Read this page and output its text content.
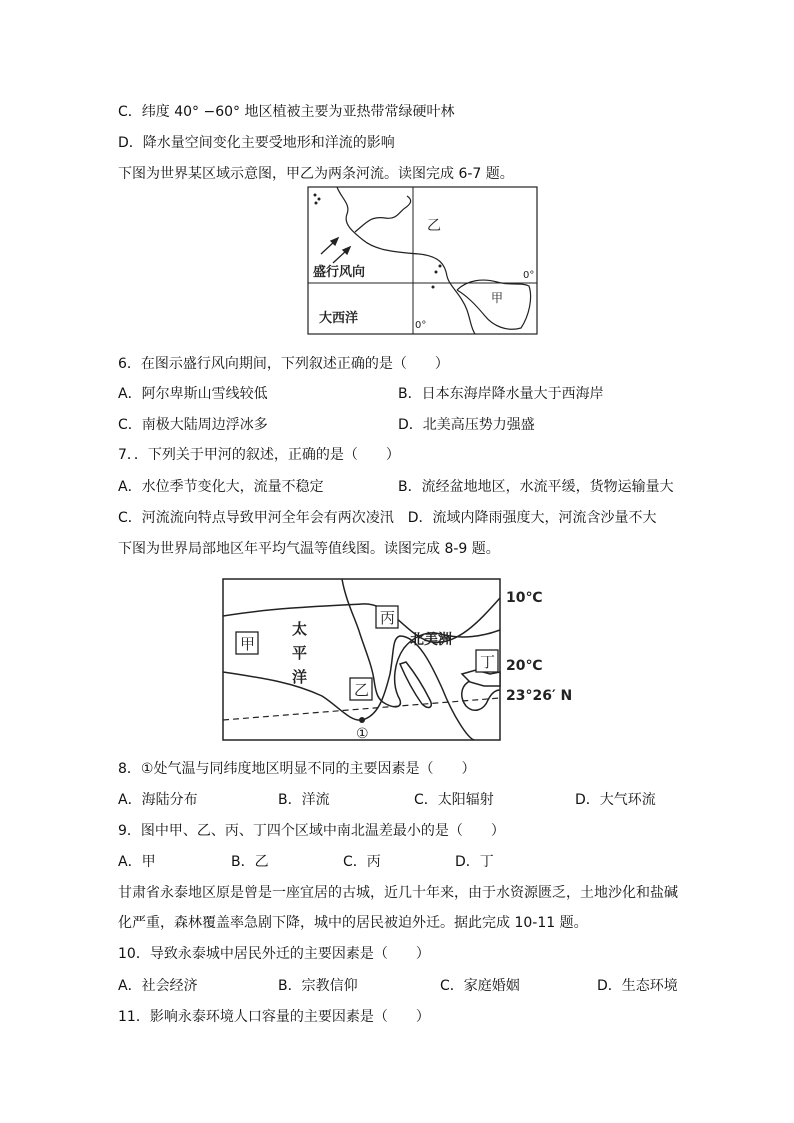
C．纬度 40° −60° 地区植被主要为亚热带常绿硬叶林
D．降水量空间变化主要受地形和洋流的影响
下图为世界某区域示意图，甲乙为两条河流。读图完成 6-7 题。
乙
盛行风向	0°
甲
大西洋	0°
6．在图示盛行风向期间，下列叙述正确的是（　　）
A．阿尔卑斯山雪线较低	B．日本东海岸降水量大于西海岸
C．南极大陆周边浮冰多	D．北美高压势力强盛
7．．下列关于甲河的叙述，正确的是（　　）
A．水位季节变化大，流量不稳定	B．流经盆地地区，水流平缓，货物运输量大
C．河流流向特点导致甲河全年会有两次凌汛　D．流域内降雨强度大，河流含沙量不大
下图为世界局部地区年平均气温等值线图。读图完成 8-9 题。
甲
丙
丁
乙
太
平
洋
北美洲
①
10℃
20℃
23°26′ N
8．①处气温与同纬度地区明显不同的主要因素是（　　）
A．海陆分布	B．洋流	C．太阳辐射	D．大气环流
9．图中甲、乙、丙、丁四个区域中南北温差最小的是（　　）
A．甲	B．乙	C．丙	D．丁
甘肃省永泰地区原是曾是一座宜居的古城，近几十年来，由于水资源匮乏，土地沙化和盐碱
化严重，森林覆盖率急剧下降，城中的居民被迫外迁。据此完成 10-11 题。
10．导致永泰城中居民外迁的主要因素是（　　）
A．社会经济	B．宗教信仰	C．家庭婚姻	D．生态环境
11．影响永泰环境人口容量的主要因素是（　　）
